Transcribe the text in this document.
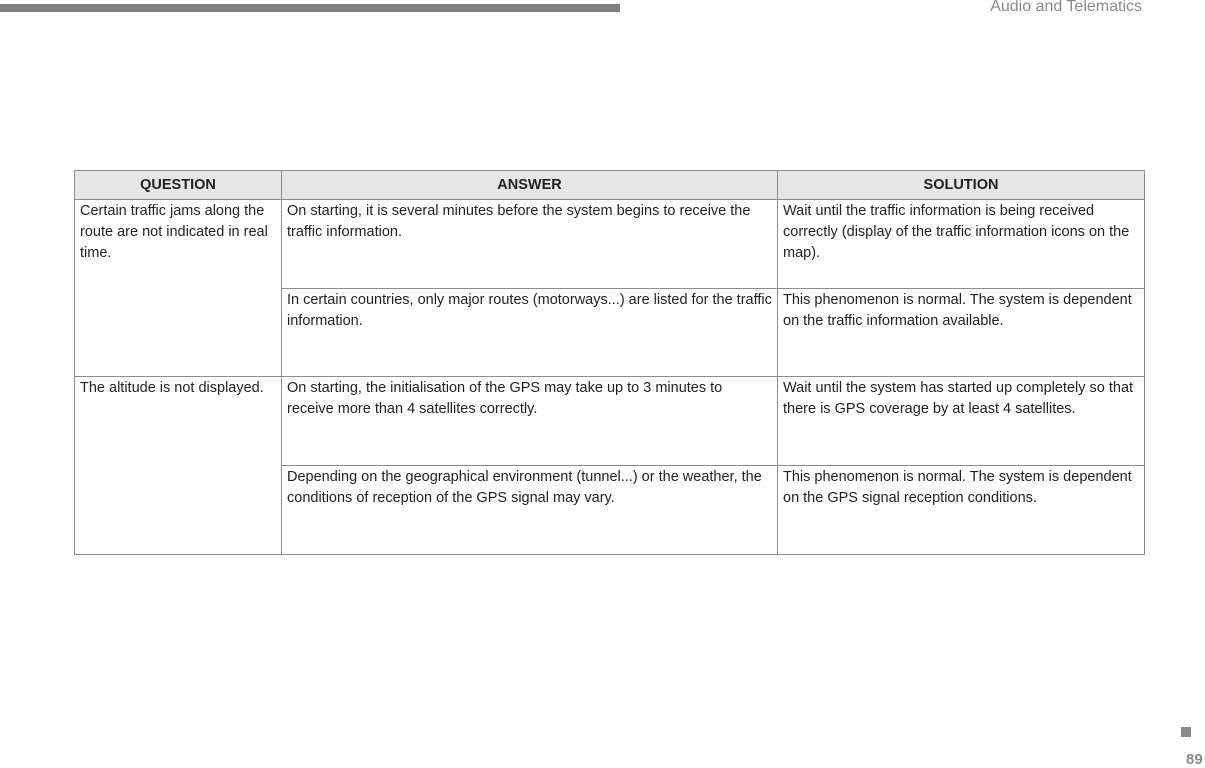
Audio and Telematics
QUESTION	ANSWER	SOLUTION
Certain traffic jams along the route are not indicated in real time.	On starting, it is several minutes before the system begins to receive the traffic information.	Wait until the traffic information is being received correctly (display of the traffic information icons on the map).
	In certain countries, only major routes (motorways...) are listed for the traffic information.	This phenomenon is normal. The system is dependent on the traffic information available.
The altitude is not displayed.	On starting, the initialisation of the GPS may take up to 3 minutes to receive more than 4 satellites correctly.	Wait until the system has started up completely so that there is GPS coverage by at least 4 satellites.
	Depending on the geographical environment (tunnel...) or the weather, the conditions of reception of the GPS signal may vary.	This phenomenon is normal. The system is dependent on the GPS signal reception conditions.
89
